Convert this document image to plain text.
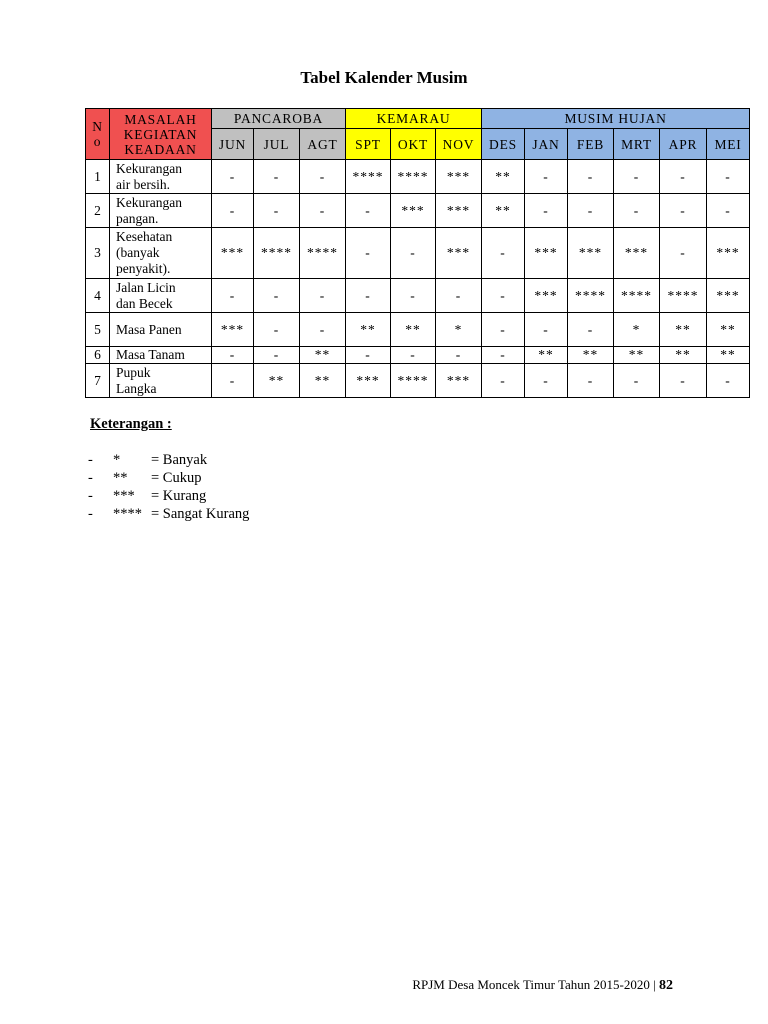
Tabel Kalender Musim
N
o	MASALAH
KEGIATAN
KEADAAN	PANCAROBA			KEMARAU			MUSIM HUJAN					
		JUN	JUL	AGT	SPT	OKT	NOV	DES	JAN	FEB	MRT	APR	MEI
1	Kekurangan
air bersih.	-	-	-	****	****	***	**	-	-	-	-	-
2	Kekurangan
pangan.	-	-	-	-	***	***	**	-	-	-	-	-
3	Kesehatan
(banyak
penyakit).	***	****	****	-	-	***	-	***	***	***	-	***
4	Jalan Licin
dan Becek	-	-	-	-	-	-	-	***	****	****	****	***
5	Masa Panen	***	-	-	**	**	*	-	-	-	*	**	**
6	Masa Tanam	-	-	**	-	-	-	-	**	**	**	**	**
7	Pupuk
Langka	-	**	**	***	****	***	-	-	-	-	-	-
Keterangan :
-	*	= Banyak
-	**	= Cukup
-	***	= Kurang
-	**** = Sangat Kurang
RPJM Desa Moncek Timur Tahun 2015-2020 | 82
